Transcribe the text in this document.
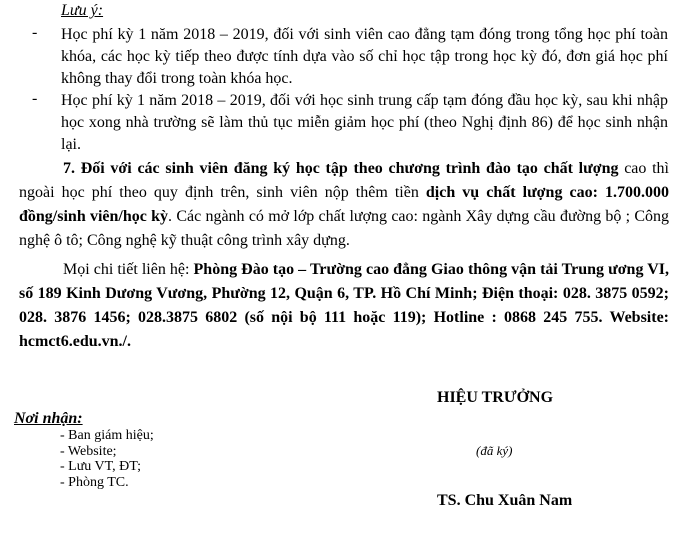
Lưu ý:
- Học phí kỳ 1 năm 2018 – 2019, đối với sinh viên cao đẳng tạm đóng trong tổng học phí toàn khóa, các học kỳ tiếp theo được tính dựa vào số chỉ học tập trong học kỳ đó, đơn giá học phí không thay đổi trong toàn khóa học.
- Học phí kỳ 1 năm 2018 – 2019, đối với học sinh trung cấp tạm đóng đầu học kỳ, sau khi nhập học xong nhà trường sẽ làm thủ tục miễn giảm học phí (theo Nghị định 86) để học sinh nhận lại.
7. Đối với các sinh viên đăng ký học tập theo chương trình đào tạo chất lượng cao thì ngoài học phí theo quy định trên, sinh viên nộp thêm tiền dịch vụ chất lượng cao: 1.700.000 đồng/sinh viên/học kỳ. Các ngành có mở lớp chất lượng cao: ngành Xây dựng cầu đường bộ ; Công nghệ ô tô; Công nghệ kỹ thuật công trình xây dựng.
Mọi chi tiết liên hệ: Phòng Đào tạo – Trường cao đẳng Giao thông vận tải Trung ương VI, số 189 Kinh Dương Vương, Phường 12, Quận 6, TP. Hồ Chí Minh; Điện thoại: 028. 3875 0592; 028. 3876 1456; 028.3875 6802 (số nội bộ 111 hoặc 119); Hotline : 0868 245 755. Website: hcmct6.edu.vn./.
HIỆU TRƯỞNG
Nơi nhận:
- Ban giám hiệu;
- Website;
- Lưu VT, ĐT;
- Phòng TC.
(đã ký)
TS. Chu Xuân Nam
